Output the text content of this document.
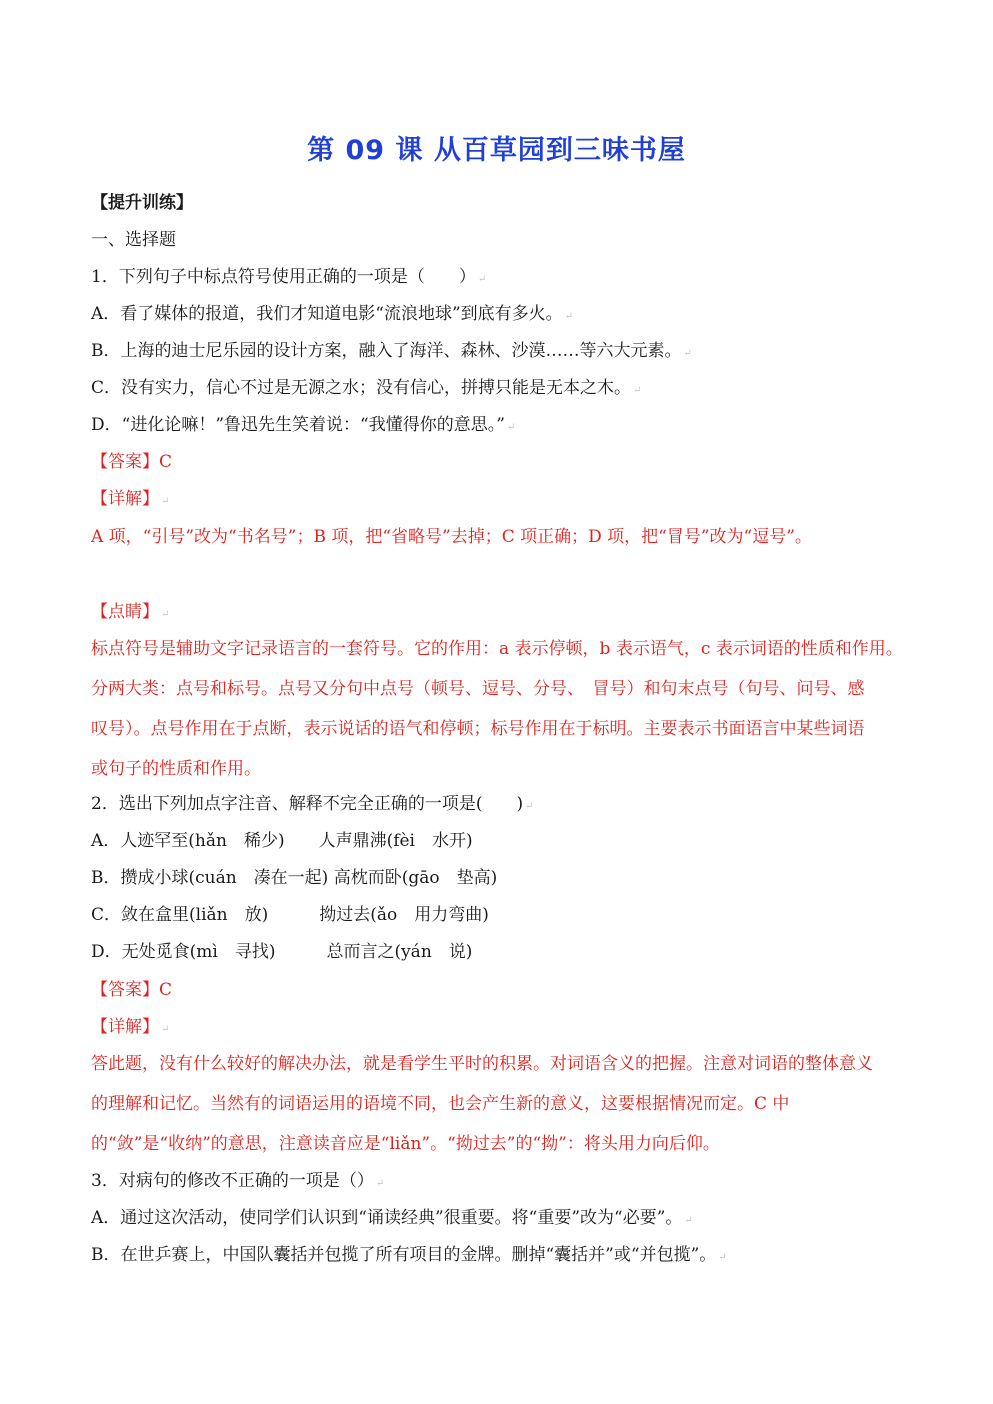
第 09 课 从百草园到三味书屋
【提升训练】
一、选择题
1．下列句子中标点符号使用正确的一项是（　　） ↵
A．看了媒体的报道，我们才知道电影“流浪地球”到底有多火。 ↵
B．上海的迪士尼乐园的设计方案，融入了海洋、森林、沙漠……等六大元素。 ↵
C．没有实力，信心不过是无源之水；没有信心，拼搏只能是无本之木。 ↵
D．“进化论嘛！”鲁迅先生笑着说：“我懂得你的意思。” ↵
【答案】C
【详解】 ↵
A 项，“引号”改为“书名号”；B 项，把“省略号”去掉；C 项正确；D 项，把“冒号”改为“逗号”。
【点睛】 ↵
标点符号是辅助文字记录语言的一套符号。它的作用：a 表示停顿，b 表示语气，c 表示词语的性质和作用。
分两大类：点号和标号。点号又分句中点号（顿号、逗号、分号、　冒号）和句末点号（句号、问号、感
叹号）。点号作用在于点断，表示说话的语气和停顿；标号作用在于标明。主要表示书面语言中某些词语
或句子的性质和作用。
2．选出下列加点字注音、解释不完全正确的一项是(　　) ↵
A．人迹罕至(hǎn　稀少)　　人声鼎沸(fèi　水开)
B．攒成小球(cuán　凑在一起) 高枕而卧(gāo　垫高)
C．敛在盒里(liǎn　放)　　　拗过去(ǎo　用力弯曲)
D．无处觅食(mì　寻找)　　　总而言之(yán　说)
【答案】C
【详解】 ↵
答此题，没有什么较好的解决办法，就是看学生平时的积累。对词语含义的把握。注意对词语的整体意义
的理解和记忆。当然有的词语运用的语境不同，也会产生新的意义，这要根据情况而定。C 中
的“敛”是“收纳”的意思，注意读音应是“liǎn”。“拗过去”的“拗”：将头用力向后仰。
3．对病句的修改不正确的一项是（） ↵
A．通过这次活动，使同学们认识到“诵读经典”很重要。将“重要”改为“必要”。 ↵
B．在世乒赛上，中国队囊括并包揽了所有项目的金牌。删掉“囊括并”或“并包揽”。 ↵
